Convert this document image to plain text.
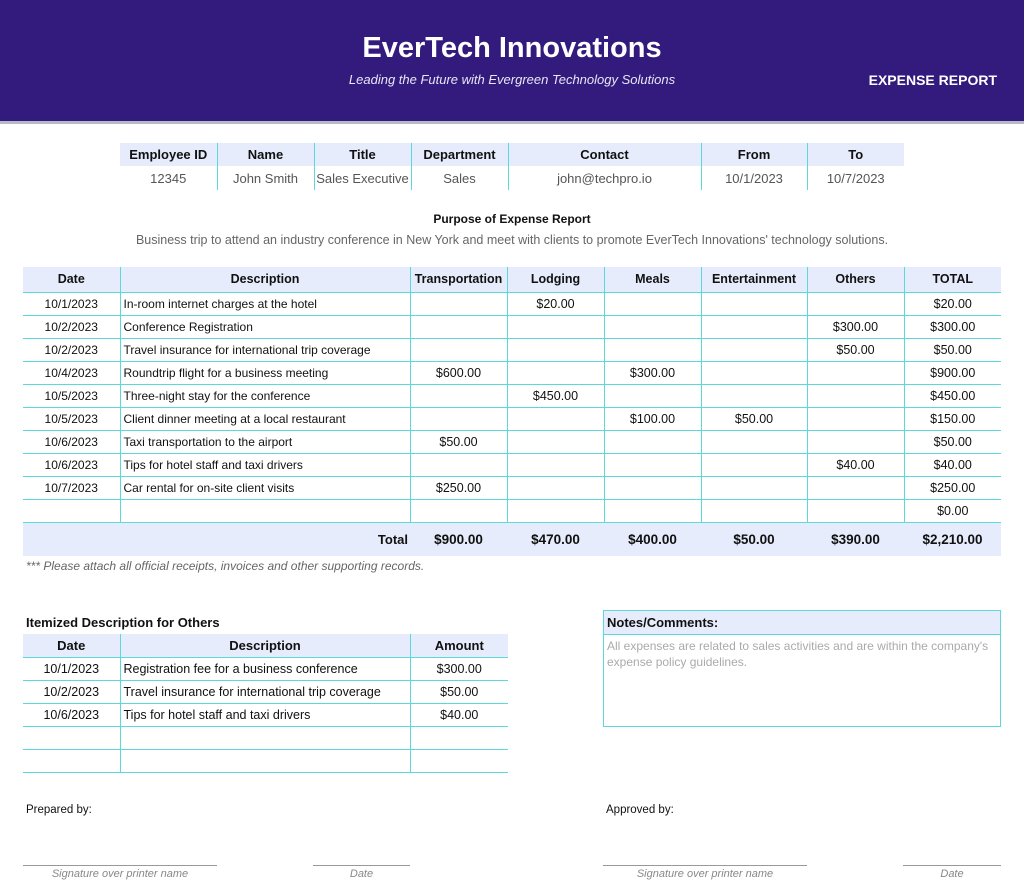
EverTech Innovations
Leading the Future with Evergreen Technology Solutions	EXPENSE REPORT
Employee ID	Name	Title	Department	Contact	From	To
12345	John Smith	Sales Executive	Sales	john@techpro.io	10/1/2023	10/7/2023
Purpose of Expense Report
Business trip to attend an industry conference in New York and meet with clients to promote EverTech Innovations' technology solutions.
Date	Description	Transportation	Lodging	Meals	Entertainment	Others	TOTAL
10/1/2023	In-room internet charges at the hotel		$20.00				$20.00
10/2/2023	Conference Registration					$300.00	$300.00
10/2/2023	Travel insurance for international trip coverage					$50.00	$50.00
10/4/2023	Roundtrip flight for a business meeting	$600.00		$300.00			$900.00
10/5/2023	Three-night stay for the conference		$450.00				$450.00
10/5/2023	Client dinner meeting at a local restaurant			$100.00	$50.00		$150.00
10/6/2023	Taxi transportation to the airport	$50.00					$50.00
10/6/2023	Tips for hotel staff and taxi drivers					$40.00	$40.00
10/7/2023	Car rental for on-site client visits	$250.00					$250.00
							$0.00
Total		$900.00	$470.00	$400.00	$50.00	$390.00	$2,210.00
*** Please attach all official receipts, invoices and other supporting records.
Itemized Description for Others
Date	Description	Amount
10/1/2023	Registration fee for a business conference	$300.00
10/2/2023	Travel insurance for international trip coverage	$50.00
10/6/2023	Tips for hotel staff and taxi drivers	$40.00

Notes/Comments:
All expenses are related to sales activities and are within the company's expense policy guidelines.
Prepared by:	Approved by:
Signature over printer name	Date	Signature over printer name	Date
